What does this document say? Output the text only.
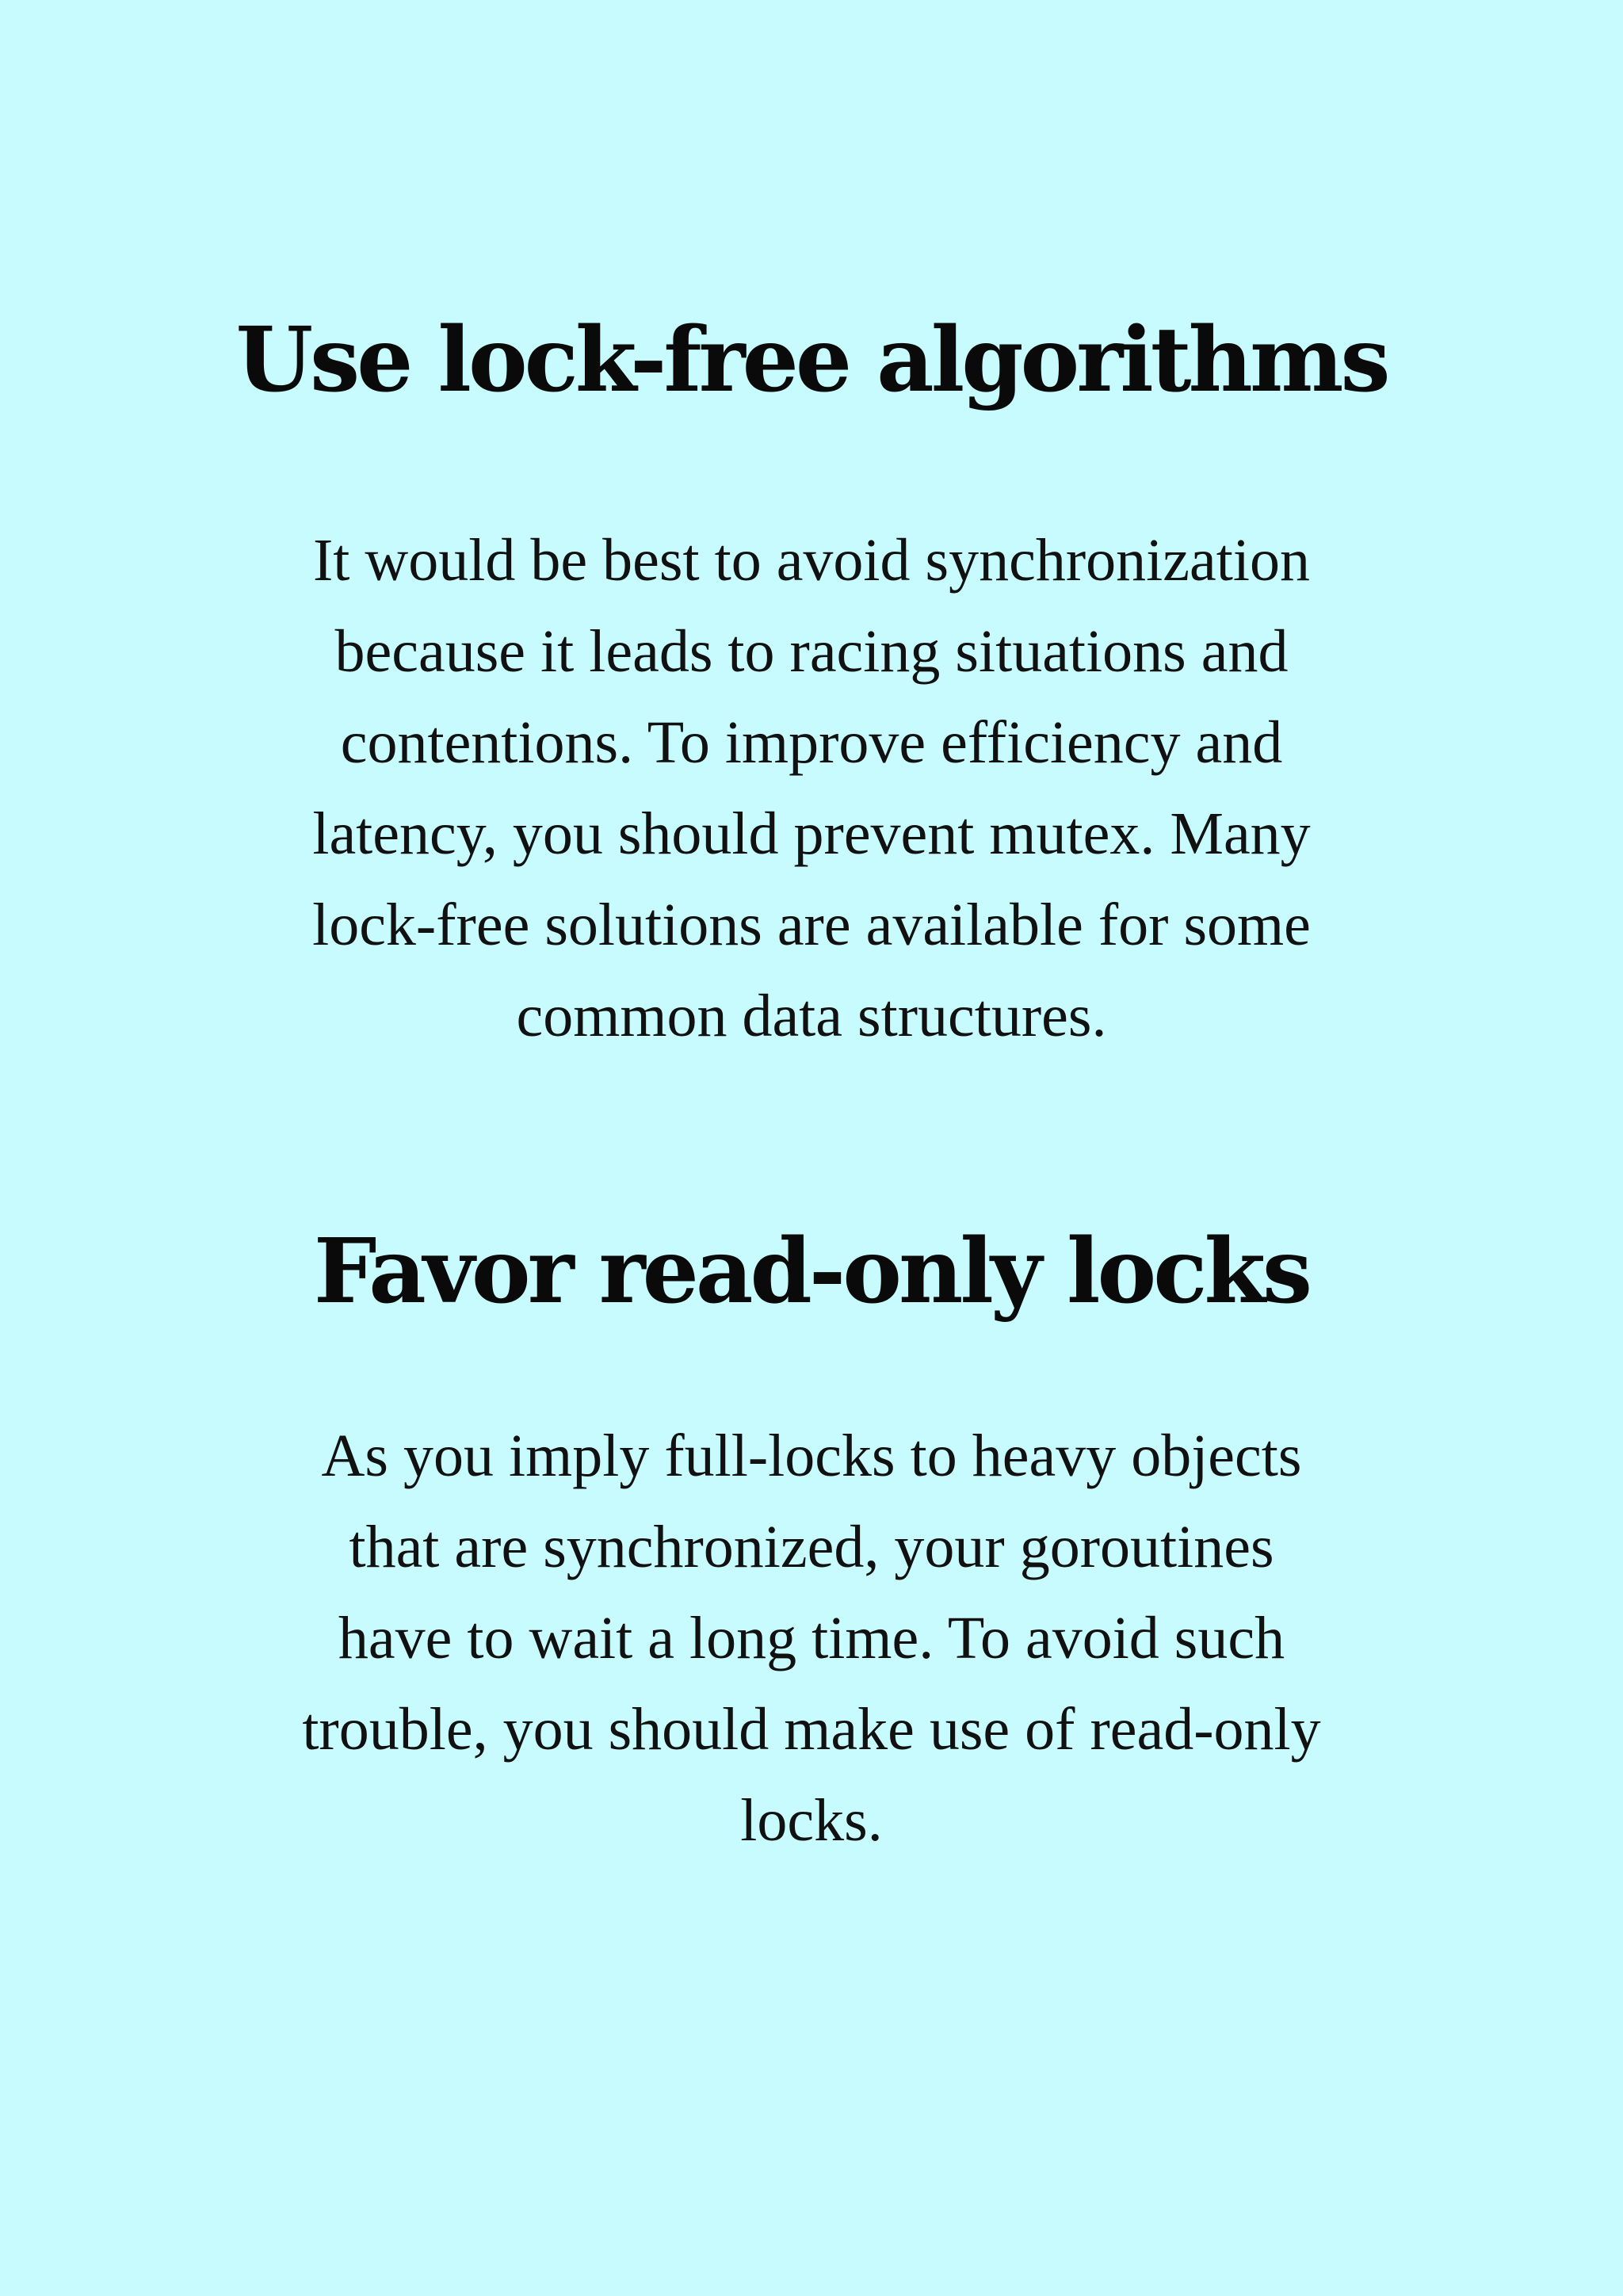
Use lock-free algorithms

It would be best to avoid synchronization
because it leads to racing situations and
contentions. To improve efficiency and
latency, you should prevent mutex. Many
lock-free solutions are available for some
common data structures.

Favor read-only locks

As you imply full-locks to heavy objects
that are synchronized, your goroutines
have to wait a long time. To avoid such
trouble, you should make use of read-only
locks.
